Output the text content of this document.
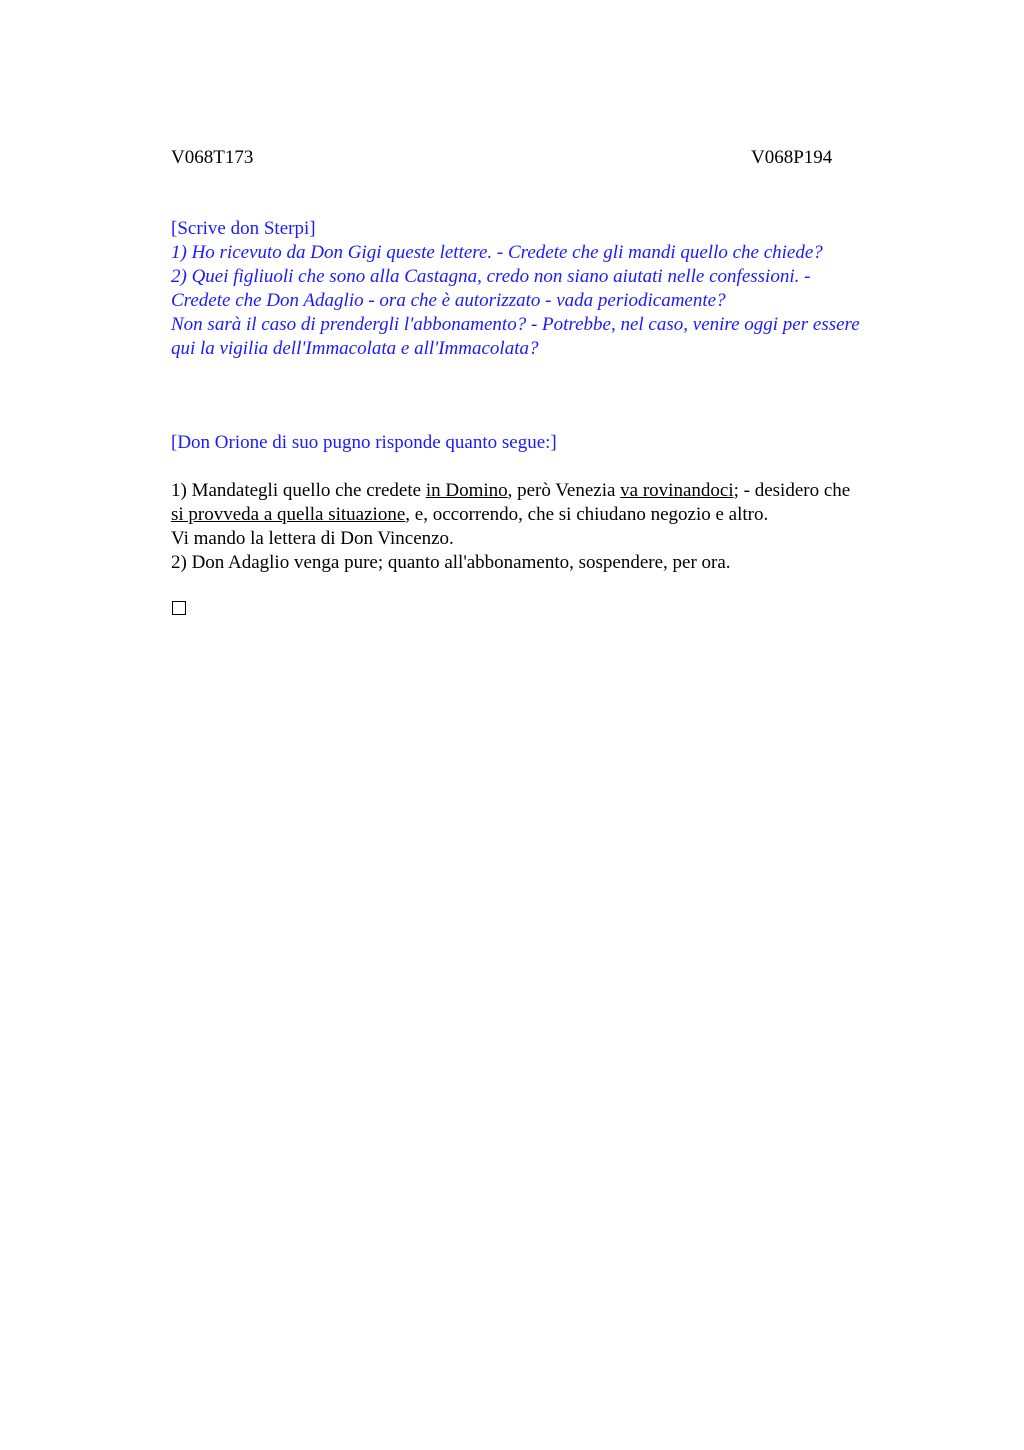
V068T173	V068P194
[Scrive don Sterpi]
1) Ho ricevuto da Don Gigi queste lettere. - Credete che gli mandi quello che chiede?
2) Quei figliuoli che sono alla Castagna, credo non siano aiutati nelle confessioni. -
Credete che Don Adaglio - ora che è autorizzato - vada periodicamente?
Non sarà il caso di prendergli l'abbonamento? - Potrebbe, nel caso, venire oggi per essere
qui la vigilia dell'Immacolata e all'Immacolata?
[Don Orione di suo pugno risponde quanto segue:]
1) Mandategli quello che credete in Domino, però Venezia va rovinandoci; - desidero che
si provveda a quella situazione, e, occorrendo, che si chiudano negozio e altro.
Vi mando la lettera di Don Vincenzo.
2) Don Adaglio venga pure; quanto all'abbonamento, sospendere, per ora.
